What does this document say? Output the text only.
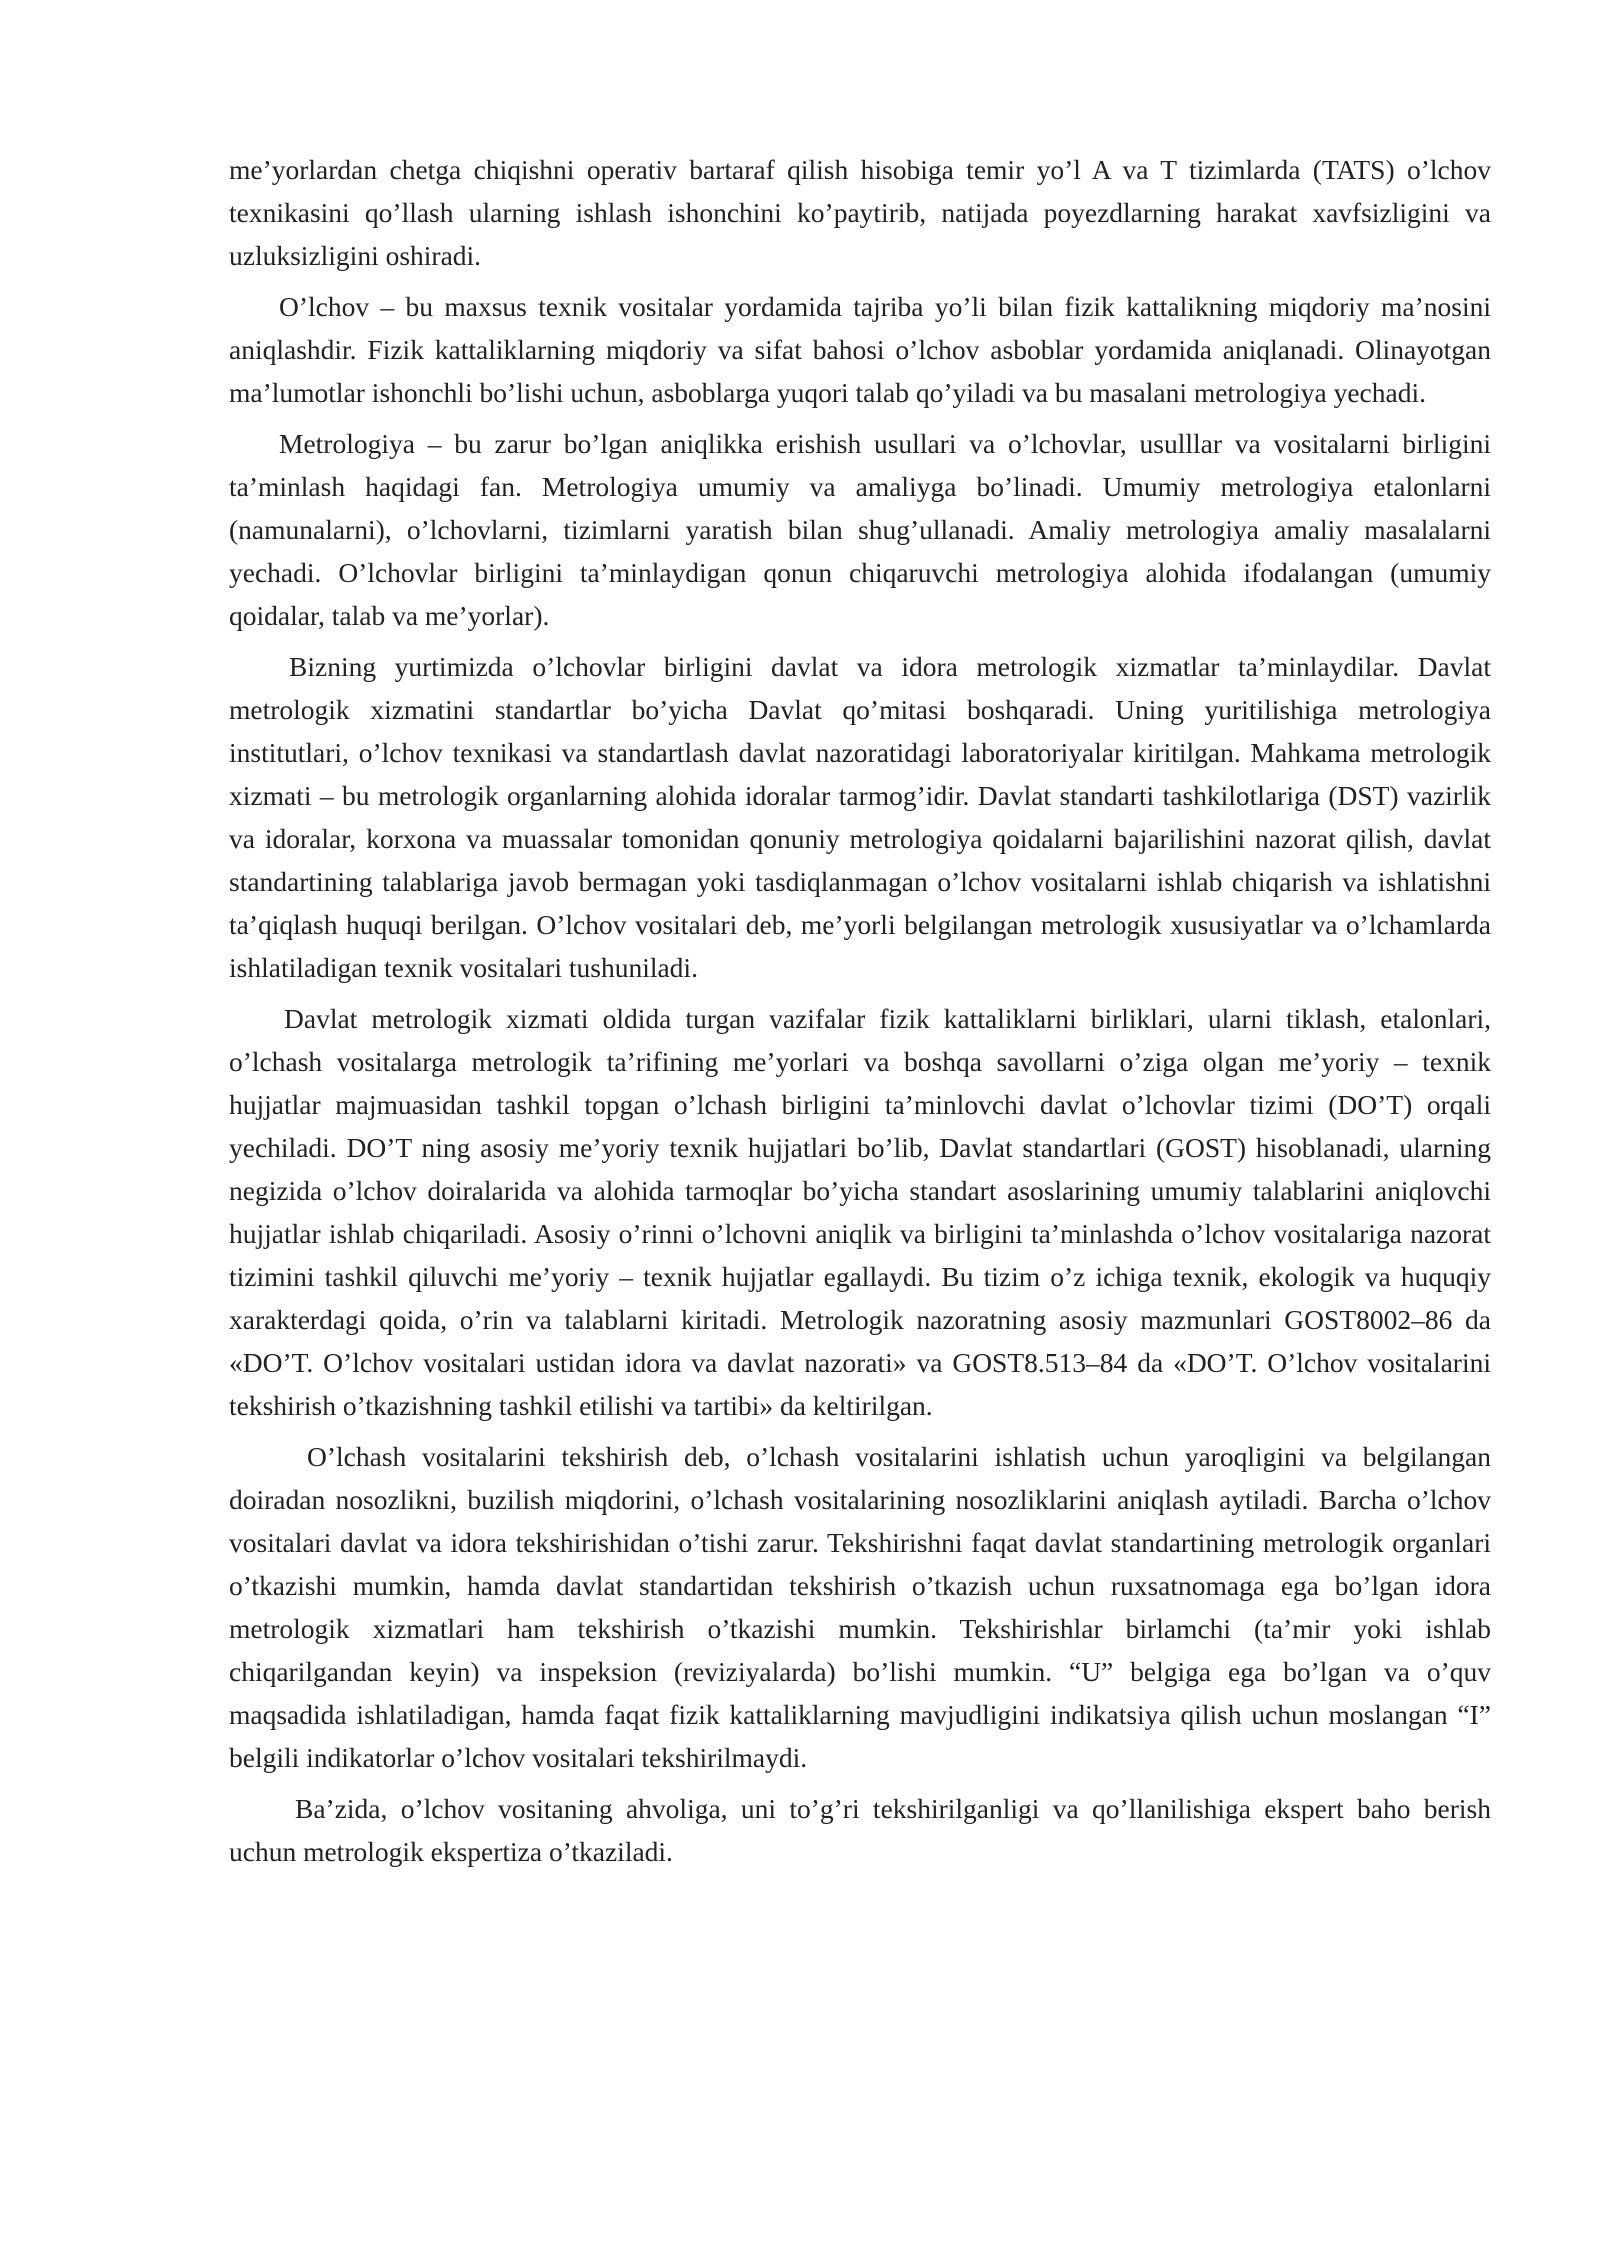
me’yorlardan chetga chiqishni operativ bartaraf qilish hisobiga temir yo’l A va T tizimlarda (TATS) o’lchov texnikasini qo’llash ularning ishlash ishonchini ko’paytirib, natijada poyezdlarning harakat xavfsizligini va uzluksizligini oshiradi.

O’lchov – bu maxsus texnik vositalar yordamida tajriba yo’li bilan fizik kattalikning miqdoriy ma’nosini aniqlashdir. Fizik kattaliklarning miqdoriy va sifat bahosi o’lchov asboblar yordamida aniqlanadi. Olinayotgan ma’lumotlar ishonchli bo’lishi uchun, asboblarga yuqori talab qo’yiladi va bu masalani metrologiya yechadi.

Metrologiya – bu zarur bo’lgan aniqlikka erishish usullari va o’lchovlar, usulllar va vositalarni birligini ta’minlash haqidagi fan. Metrologiya umumiy va amaliyga bo’linadi. Umumiy metrologiya etalonlarni (namunalarni), o’lchovlarni, tizimlarni yaratish bilan shug’ullanadi. Amaliy metrologiya amaliy masalalarni yechadi. O’lchovlar birligini ta’minlaydigan qonun chiqaruvchi metrologiya alohida ifodalangan (umumiy qoidalar, talab va me’yorlar).

Bizning yurtimizda o’lchovlar birligini davlat va idora metrologik xizmatlar ta’minlaydilar. Davlat metrologik xizmatini standartlar bo’yicha Davlat qo’mitasi boshqaradi. Uning yuritilishiga metrologiya institutlari, o’lchov texnikasi va standartlash davlat nazoratidagi laboratoriyalar kiritilgan. Mahkama metrologik xizmati – bu metrologik organlarning alohida idoralar tarmog’idir. Davlat standarti tashkilotlariga (DST) vazirlik va idoralar, korxona va muassalar tomonidan qonuniy metrologiya qoidalarni bajarilishini nazorat qilish, davlat standartining talablariga javob bermagan yoki tasdiqlanmagan o’lchov vositalarni ishlab chiqarish va ishlatishni ta’qiqlash huquqi berilgan. O’lchov vositalari deb, me’yorli belgilangan metrologik xususiyatlar va o’lchamlarda ishlatiladigan texnik vositalari tushuniladi.

Davlat metrologik xizmati oldida turgan vazifalar fizik kattaliklarni birliklari, ularni tiklash, etalonlari, o’lchash vositalarga metrologik ta’rifining me’yorlari va boshqa savollarni o’ziga olgan me’yoriy – texnik hujjatlar majmuasidan tashkil topgan o’lchash birligini ta’minlovchi davlat o’lchovlar tizimi (DO’T) orqali yechiladi. DO’T ning asosiy me’yoriy texnik hujjatlari bo’lib, Davlat standartlari (GOST) hisoblanadi, ularning negizida o’lchov doiralarida va alohida tarmoqlar bo’yicha standart asoslarining umumiy talablarini aniqlovchi hujjatlar ishlab chiqariladi. Asosiy o’rinni o’lchovni aniqlik va birligini ta’minlashda o’lchov vositalariga nazorat tizimini tashkil qiluvchi me’yoriy – texnik hujjatlar egallaydi. Bu tizim o’z ichiga texnik, ekologik va huquqiy xarakterdagi qoida, o’rin va talablarni kiritadi. Metrologik nazoratning asosiy mazmunlari GOST8002–86 da «DO’T. O’lchov vositalari ustidan idora va davlat nazorati» va GOST8.513–84 da «DO’T. O’lchov vositalarini tekshirish o’tkazishning tashkil etilishi va tartibi» da keltirilgan.

O’lchash vositalarini tekshirish deb, o’lchash vositalarini ishlatish uchun yaroqligini va belgilangan doiradan nosozlikni, buzilish miqdorini, o’lchash vositalarining nosozliklarini aniqlash aytiladi. Barcha o’lchov vositalari davlat va idora tekshirishidan o’tishi zarur. Tekshirishni faqat davlat standartining metrologik organlari o’tkazishi mumkin, hamda davlat standartidan tekshirish o’tkazish uchun ruxsatnomaga ega bo’lgan idora metrologik xizmatlari ham tekshirish o’tkazishi mumkin. Tekshirishlar birlamchi (ta’mir yoki ishlab chiqarilgandan keyin) va inspeksion (reviziyalarda) bo’lishi mumkin. “U” belgiga ega bo’lgan va o’quv maqsadida ishlatiladigan, hamda faqat fizik kattaliklarning mavjudligini indikatsiya qilish uchun moslangan “I” belgili indikatorlar o’lchov vositalari tekshirilmaydi.

Ba’zida, o’lchov vositaning ahvoliga, uni to’g’ri tekshirilganligi va qo’llanilishiga ekspert baho berish uchun metrologik ekspertiza o’tkaziladi.
